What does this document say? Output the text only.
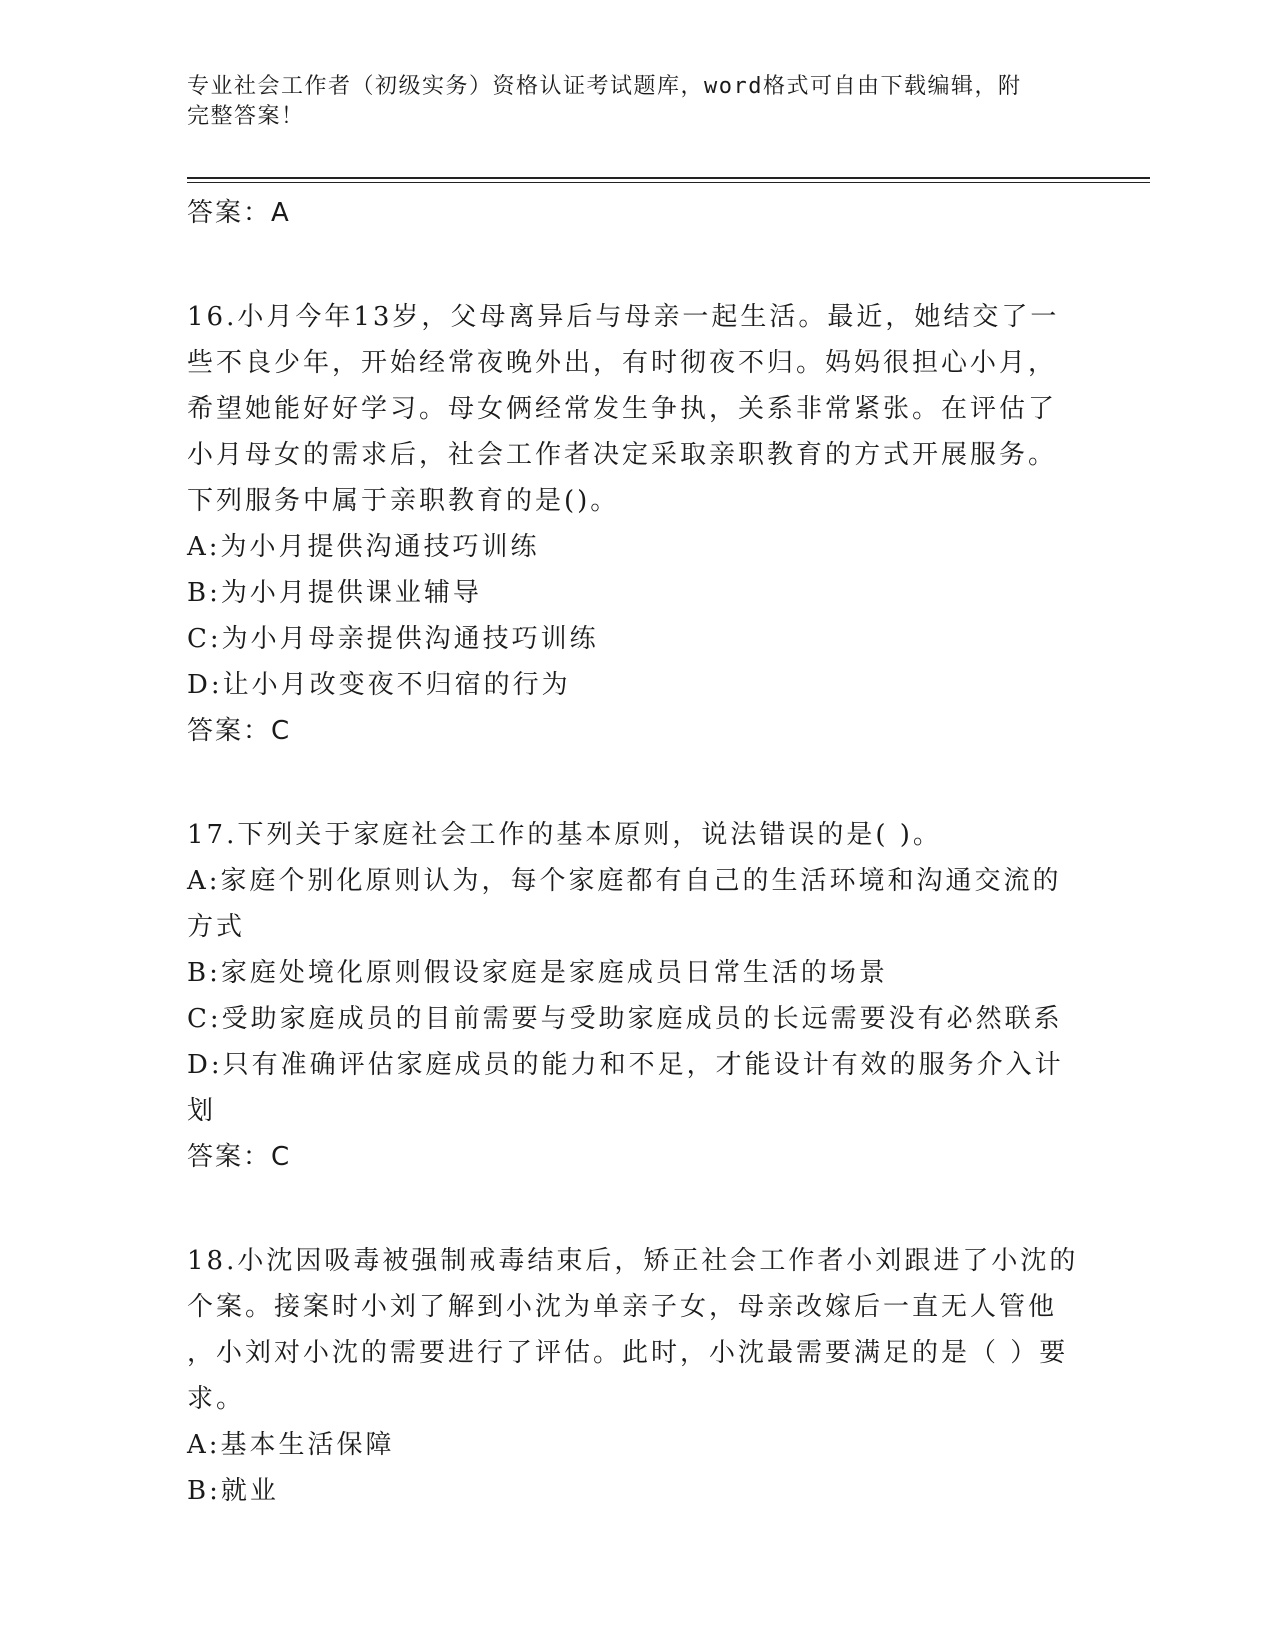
专业社会工作者（初级实务）资格认证考试题库，word格式可自由下载编辑，附
完整答案！
答案：A
16.小月今年13岁，父母离异后与母亲一起生活。最近，她结交了一
些不良少年，开始经常夜晚外出，有时彻夜不归。妈妈很担心小月，
希望她能好好学习。母女俩经常发生争执，关系非常紧张。在评估了
小月母女的需求后，社会工作者决定采取亲职教育的方式开展服务。
下列服务中属于亲职教育的是()。
A:为小月提供沟通技巧训练
B:为小月提供课业辅导
C:为小月母亲提供沟通技巧训练
D:让小月改变夜不归宿的行为
答案：C
17.下列关于家庭社会工作的基本原则，说法错误的是( )。
A:家庭个别化原则认为，每个家庭都有自己的生活环境和沟通交流的
方式
B:家庭处境化原则假设家庭是家庭成员日常生活的场景
C:受助家庭成员的目前需要与受助家庭成员的长远需要没有必然联系
D:只有准确评估家庭成员的能力和不足，才能设计有效的服务介入计
划
答案：C
18.小沈因吸毒被强制戒毒结束后，矫正社会工作者小刘跟进了小沈的
个案。接案时小刘了解到小沈为单亲子女，母亲改嫁后一直无人管他
，小刘对小沈的需要进行了评估。此时，小沈最需要满足的是（ ）要
求。
A:基本生活保障
B:就业
